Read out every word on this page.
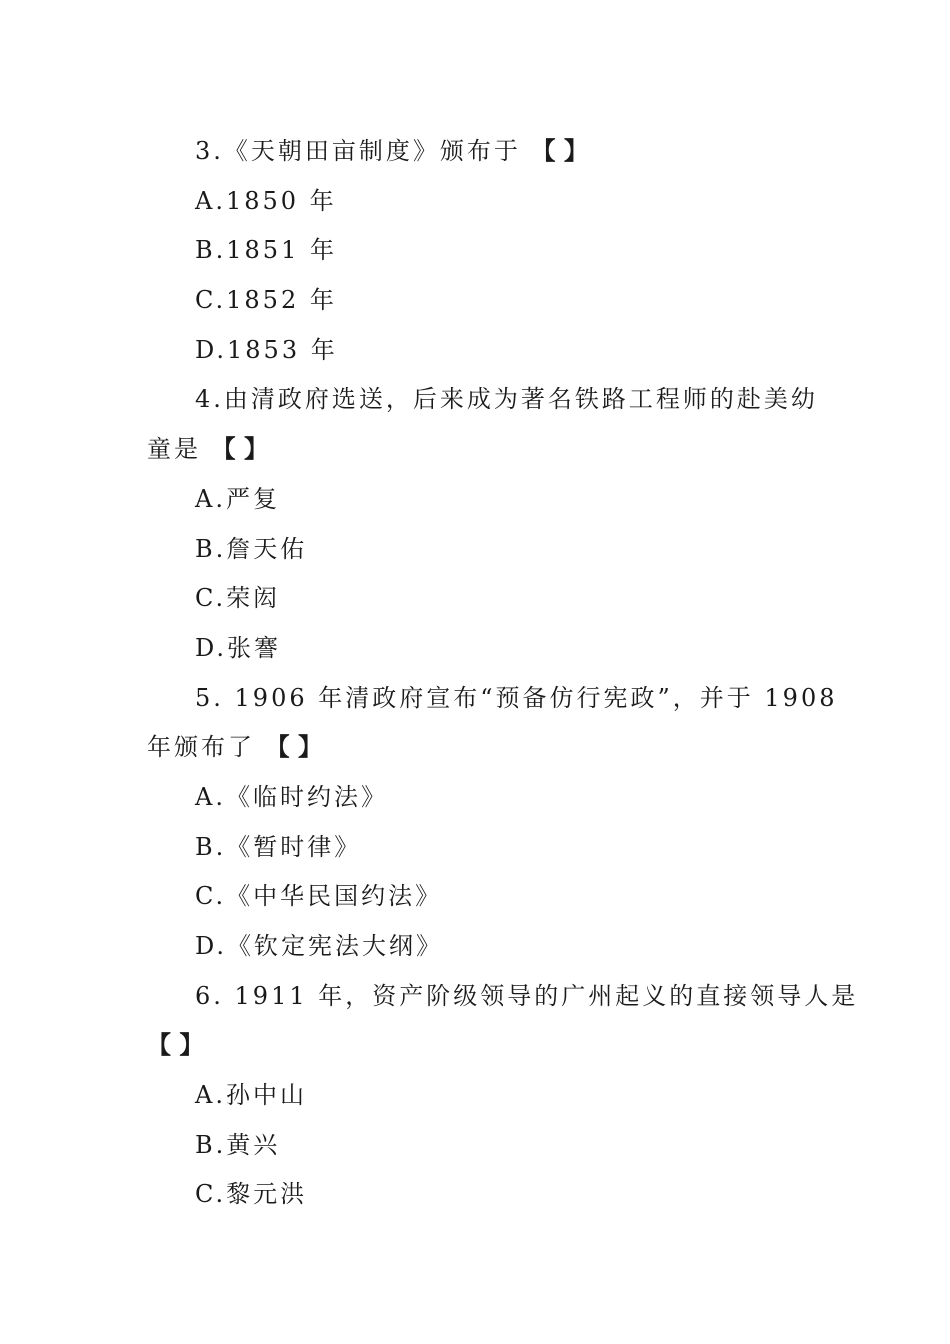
3.《天朝田亩制度》颁布于 【 】
A.1850 年
B.1851 年
C.1852 年
D.1853 年
4.由清政府选送，后来成为著名铁路工程师的赴美幼
童是 【 】
A.严复
B.詹天佑
C.荣闳
D.张謇
5. 1906 年清政府宣布“预备仿行宪政”，并于 1908
年颁布了 【 】
A.《临时约法》
B.《暂时律》
C.《中华民国约法》
D.《钦定宪法大纲》
6. 1911 年，资产阶级领导的广州起义的直接领导人是
【 】
A.孙中山
B.黄兴
C.黎元洪
